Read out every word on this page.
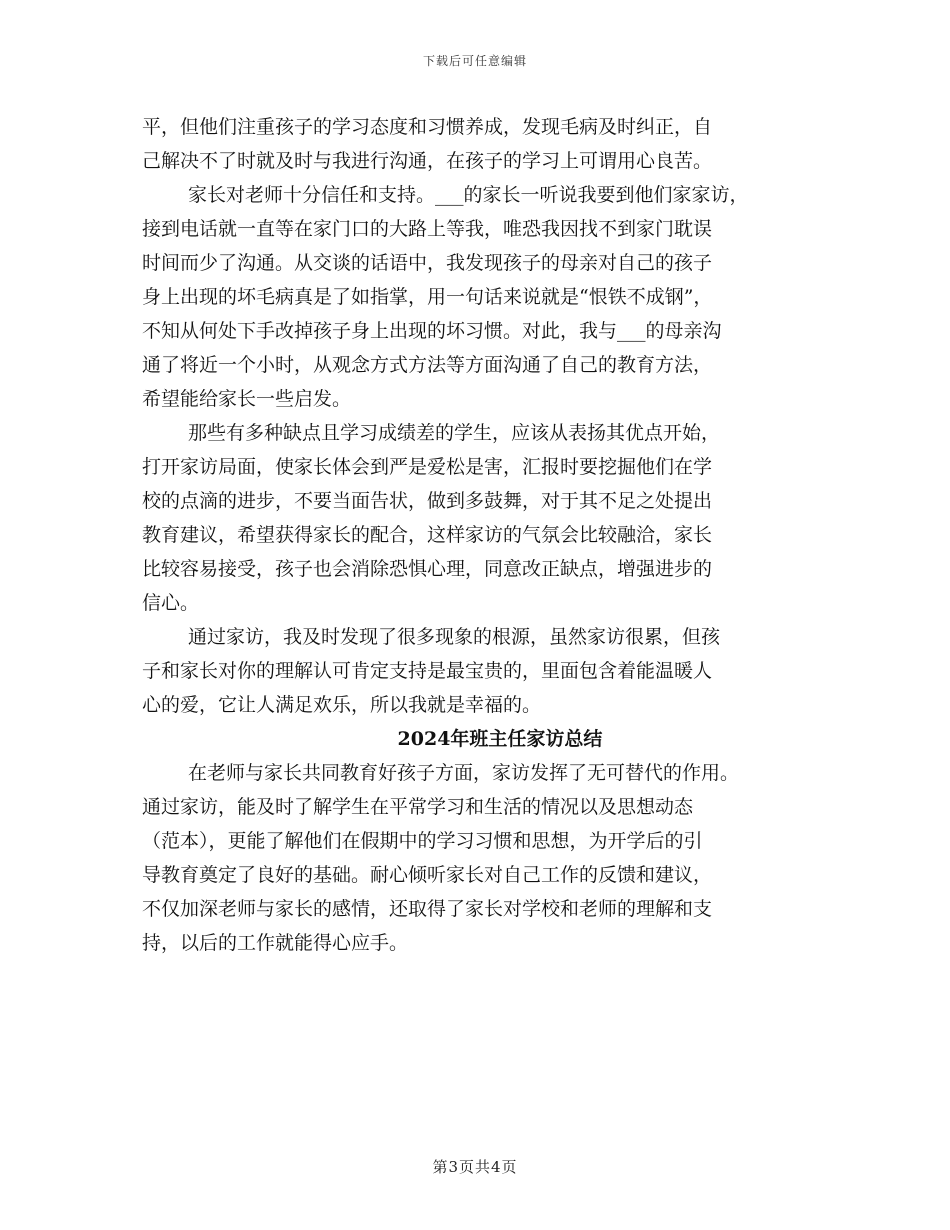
下载后可任意编辑
平，但他们注重孩子的学习态度和习惯养成，发现毛病及时纠正，自
己解决不了时就及时与我进行沟通，在孩子的学习上可谓用心良苦。
家长对老师十分信任和支持。___的家长一听说我要到他们家家访，
接到电话就一直等在家门口的大路上等我，唯恐我因找不到家门耽误
时间而少了沟通。从交谈的话语中，我发现孩子的母亲对自己的孩子
身上出现的坏毛病真是了如指掌，用一句话来说就是“恨铁不成钢”，
不知从何处下手改掉孩子身上出现的坏习惯。对此，我与___的母亲沟
通了将近一个小时，从观念方式方法等方面沟通了自己的教育方法，
希望能给家长一些启发。
那些有多种缺点且学习成绩差的学生，应该从表扬其优点开始，
打开家访局面，使家长体会到严是爱松是害，汇报时要挖掘他们在学
校的点滴的进步，不要当面告状，做到多鼓舞，对于其不足之处提出
教育建议，希望获得家长的配合，这样家访的气氛会比较融洽，家长
比较容易接受，孩子也会消除恐惧心理，同意改正缺点，增强进步的
信心。
通过家访，我及时发现了很多现象的根源，虽然家访很累，但孩
子和家长对你的理解认可肯定支持是最宝贵的，里面包含着能温暖人
心的爱，它让人满足欢乐，所以我就是幸福的。
2024年班主任家访总结
在老师与家长共同教育好孩子方面，家访发挥了无可替代的作用。
通过家访，能及时了解学生在平常学习和生活的情况以及思想动态
（范本），更能了解他们在假期中的学习习惯和思想，为开学后的引
导教育奠定了良好的基础。耐心倾听家长对自己工作的反馈和建议，
不仅加深老师与家长的感情，还取得了家长对学校和老师的理解和支
持，以后的工作就能得心应手。
第3页共4页
